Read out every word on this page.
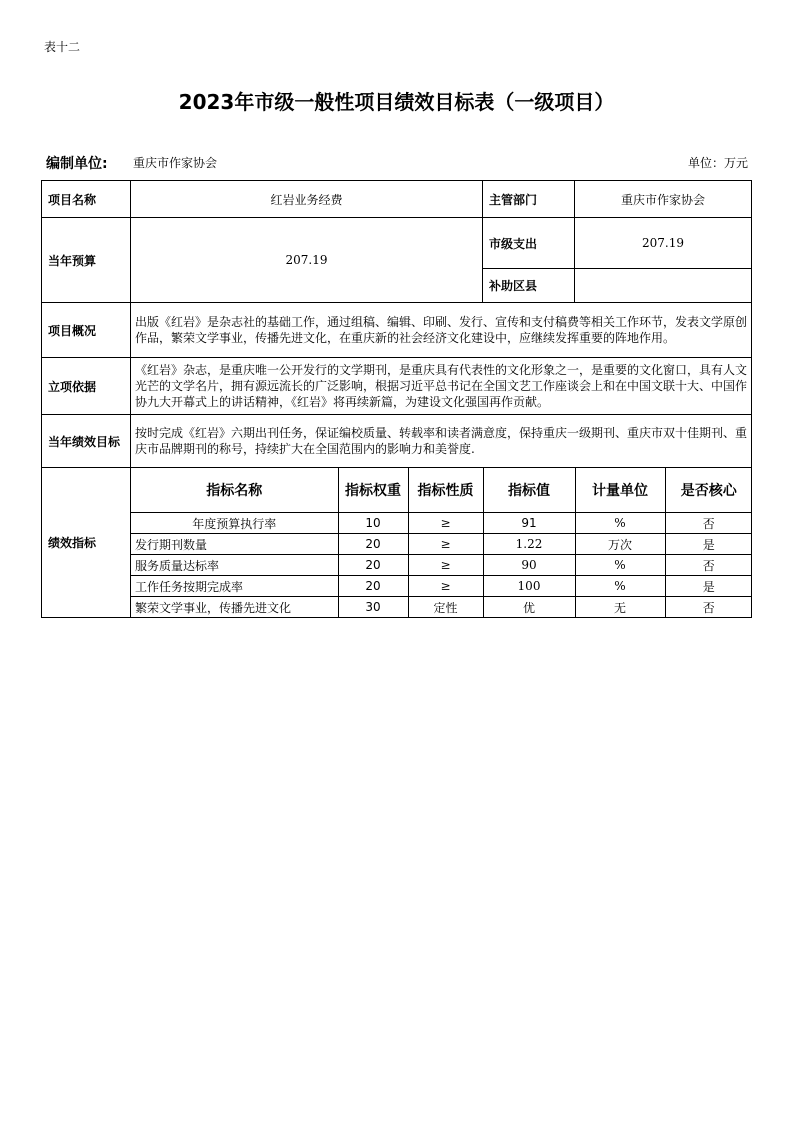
表十二
2023年市级一般性项目绩效目标表（一级项目）
编制单位: 重庆市作家协会	单位：万元
项目名称	红岩业务经费	主管部门	重庆市作家协会
当年预算	207.19	市级支出	207.19
补助区县	
项目概况	出版《红岩》是杂志社的基础工作，通过组稿、编辑、印刷、发行、宣传和支付稿费等相关工作环节，发表文学原创作品，繁荣文学事业，传播先进文化，在重庆新的社会经济文化建设中，应继续发挥重要的阵地作用。
立项依据	《红岩》杂志，是重庆唯一公开发行的文学期刊，是重庆具有代表性的文化形象之一，是重要的文化窗口，具有人文光芒的文学名片，拥有源远流长的广泛影响，根据习近平总书记在全国文艺工作座谈会上和在中国文联十大、中国作协九大开幕式上的讲话精神，《红岩》将再续新篇，为建设文化强国再作贡献。
当年绩效目标	按时完成《红岩》六期出刊任务，保证编校质量、转载率和读者满意度，保持重庆一级期刊、重庆市双十佳期刊、重庆市品牌期刊的称号，持续扩大在全国范围内的影响力和美誉度.
绩效指标	
指标名称	指标权重	指标性质	指标值	计量单位	是否核心
年度预算执行率	10	≥	91	%	否
发行期刊数量	20	≥	1.22	万次	是
服务质量达标率	20	≥	90	%	否
工作任务按期完成率	20	≥	100	%	是
繁荣文学事业，传播先进文化	30	定性	优	无	否
